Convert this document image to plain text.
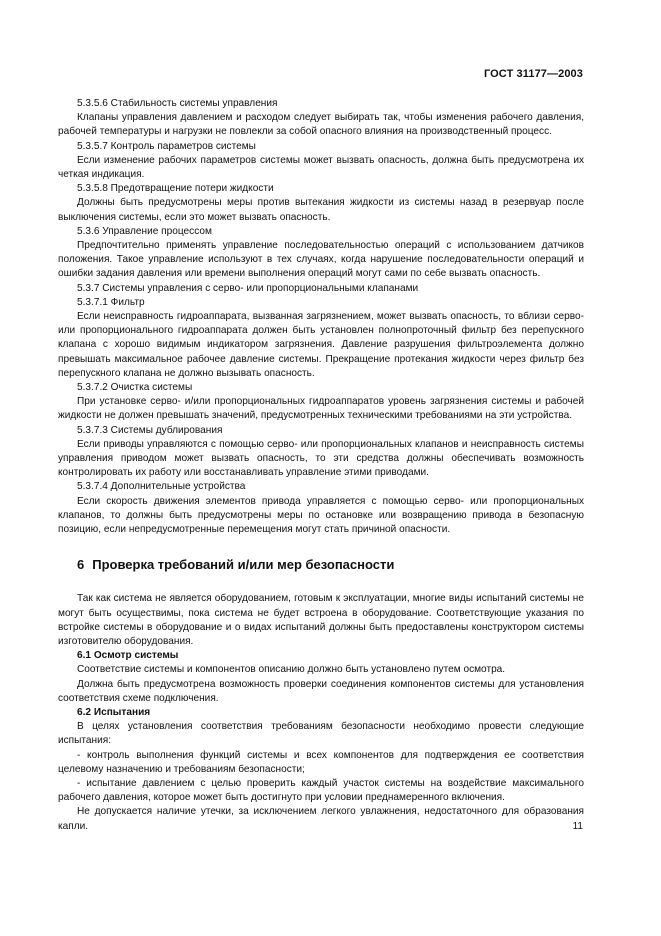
ГОСТ 31177—2003

5.3.5.6 Стабильность системы управления

Клапаны управления давлением и расходом следует выбирать так, чтобы изменения рабочего давления, рабочей температуры и нагрузки не повлекли за собой опасного влияния на производственный процесс.

5.3.5.7 Контроль параметров системы

Если изменение рабочих параметров системы может вызвать опасность, должна быть предусмотрена их четкая индикация.

5.3.5.8 Предотвращение потери жидкости

Должны быть предусмотрены меры против вытекания жидкости из системы назад в резервуар после выключения системы, если это может вызвать опасность.

5.3.6 Управление процессом

Предпочтительно применять управление последовательностью операций с использованием датчиков положения. Такое управление используют в тех случаях, когда нарушение последовательности операций и ошибки задания давления или времени выполнения операций могут сами по себе вызвать опасность.

5.3.7 Системы управления с серво- или пропорциональными клапанами

5.3.7.1 Фильтр

Если неисправность гидроаппарата, вызванная загрязнением, может вызвать опасность, то вблизи серво- или пропорционального гидроаппарата должен быть установлен полнопроточный фильтр без перепускного клапана с хорошо видимым индикатором загрязнения. Давление разрушения фильтроэлемента должно превышать максимальное рабочее давление системы. Прекращение протекания жидкости через фильтр без перепускного клапана не должно вызывать опасность.

5.3.7.2 Очистка системы

При установке серво- и/или пропорциональных гидроаппаратов уровень загрязнения системы и рабочей жидкости не должен превышать значений, предусмотренных техническими требованиями на эти устройства.

5.3.7.3 Системы дублирования

Если приводы управляются с помощью серво- или пропорциональных клапанов и неисправность системы управления приводом может вызвать опасность, то эти средства должны обеспечивать возможность контролировать их работу или восстанавливать управление этими приводами.

5.3.7.4 Дополнительные устройства

Если скорость движения элементов привода управляется с помощью серво- или пропорциональных клапанов, то должны быть предусмотрены меры по остановке или возвращению привода в безопасную позицию, если непредусмотренные перемещения могут стать причиной опасности.

6 Проверка требований и/или мер безопасности

Так как система не является оборудованием, готовым к эксплуатации, многие виды испытаний системы не могут быть осуществимы, пока система не будет встроена в оборудование. Соответствующие указания по встройке системы в оборудование и о видах испытаний должны быть предоставлены конструктором системы изготовителю оборудования.

6.1 Осмотр системы

Соответствие системы и компонентов описанию должно быть установлено путем осмотра.

Должна быть предусмотрена возможность проверки соединения компонентов системы для установления соответствия схеме подключения.

6.2 Испытания

В целях установления соответствия требованиям безопасности необходимо провести следующие испытания:

- контроль выполнения функций системы и всех компонентов для подтверждения ее соответствия целевому назначению и требованиям безопасности;

- испытание давлением с целью проверить каждый участок системы на воздействие максимального рабочего давления, которое может быть достигнуто при условии преднамеренного включения.

Не допускается наличие утечки, за исключением легкого увлажнения, недостаточного для образования капли.	11
